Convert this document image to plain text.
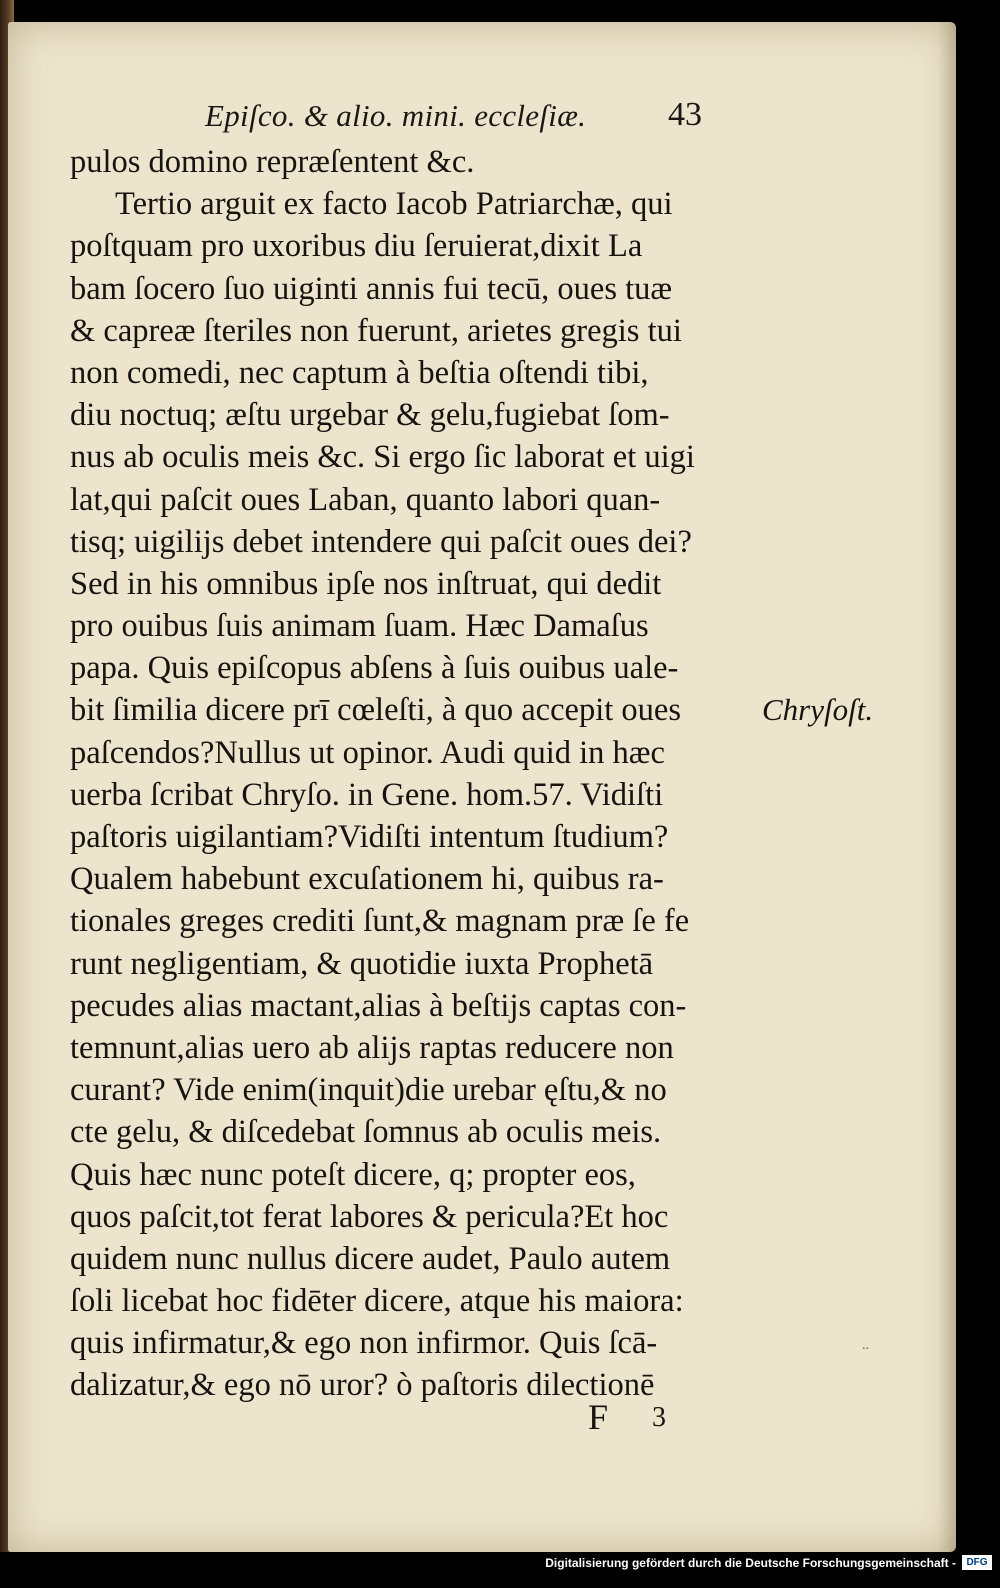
Epiſco. & alio. mini. eccleſiæ. 43
pulos domino repræſentent &c.
Tertio arguit ex facto Iacob Patriarchæ, qui
poſtquam pro uxoribus diu ſeruierat,dixit La
bam ſocero ſuo uiginti annis fui tecū, oues tuæ
& capreæ ſteriles non fuerunt, arietes gregis tui
non comedi, nec captum à beſtia oſtendi tibi,
diu noctuq; æſtu urgebar & gelu,fugiebat ſom-
nus ab oculis meis &c. Si ergo ſic laborat et uigi
lat,qui paſcit oues Laban, quanto labori quan-
tisq; uigilijs debet intendere qui paſcit oues dei?
Sed in his omnibus ipſe nos inſtruat, qui dedit
pro ouibus ſuis animam ſuam. Hæc Damaſus
papa. Quis epiſcopus abſens à ſuis ouibus uale-
bit ſimilia dicere prī cœleſti, à quo accepit oues
paſcendos?Nullus ut opinor. Audi quid in hæc
uerba ſcribat Chryſo. in Gene. hom.57. Vidiſti
paſtoris uigilantiam?Vidiſti intentum ſtudium?
Qualem habebunt excuſationem hi, quibus ra-
tionales greges crediti ſunt,& magnam præ ſe fe
runt negligentiam, & quotidie iuxta Prophetā
pecudes alias mactant,alias à beſtijs captas con-
temnunt,alias uero ab alijs raptas reducere non
curant? Vide enim(inquit)die urebar ęſtu,& no
cte gelu, & diſcedebat ſomnus ab oculis meis.
Quis hæc nunc poteſt dicere, q; propter eos,
quos paſcit,tot ferat labores & pericula?Et hoc
quidem nunc nullus dicere audet, Paulo autem
ſoli licebat hoc fidēter dicere, atque his maiora:
quis infirmatur,& ego non infirmor. Quis ſcā-
dalizatur,& ego nō uror? ò paſtoris dilectionē
Chryſoſt.
F 3
..
Digitalisierung gefördert durch die Deutsche Forschungsgemeinschaft -	DFG
